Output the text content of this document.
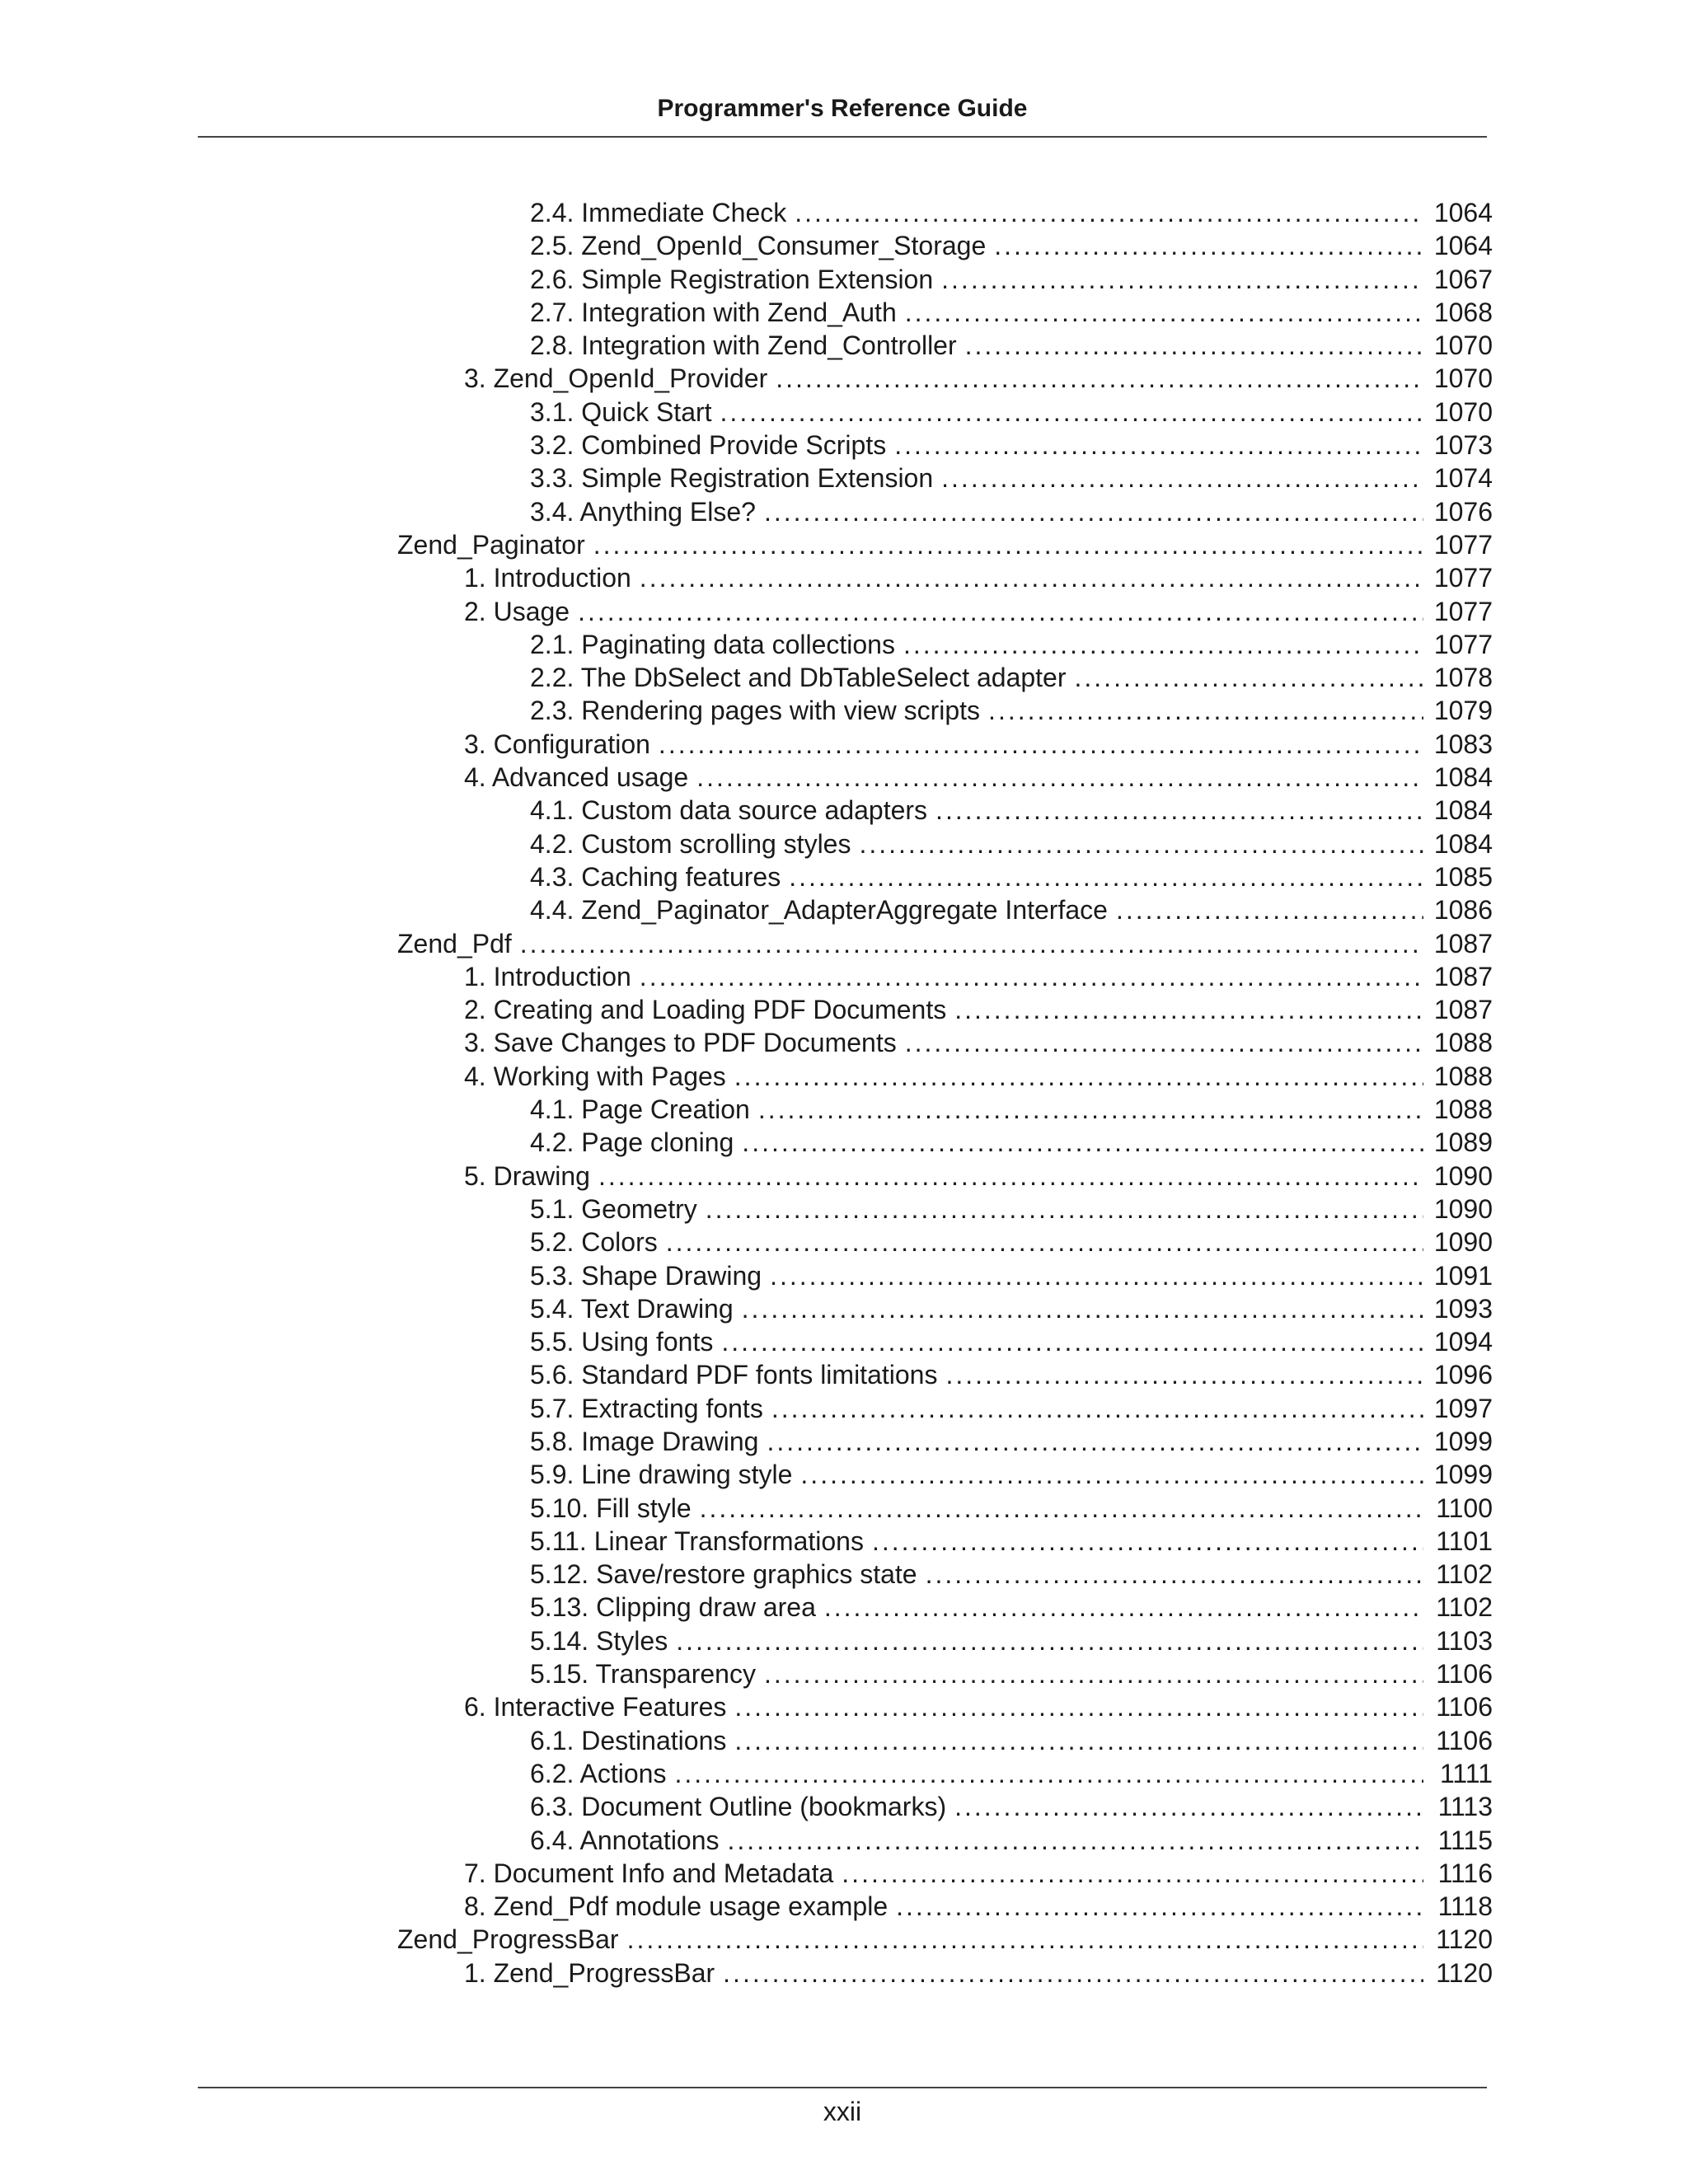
Programmer's Reference Guide
2.4. Immediate Check .....	1064
2.5. Zend_OpenId_Consumer_Storage .....	1064
2.6. Simple Registration Extension .....	1067
2.7. Integration with Zend_Auth .....	1068
2.8. Integration with Zend_Controller .....	1070
3. Zend_OpenId_Provider .....	1070
3.1. Quick Start .....	1070
3.2. Combined Provide Scripts .....	1073
3.3. Simple Registration Extension .....	1074
3.4. Anything Else? .....	1076
Zend_Paginator .....	1077
1. Introduction .....	1077
2. Usage .....	1077
2.1. Paginating data collections .....	1077
2.2. The DbSelect and DbTableSelect adapter .....	1078
2.3. Rendering pages with view scripts .....	1079
3. Configuration .....	1083
4. Advanced usage .....	1084
4.1. Custom data source adapters .....	1084
4.2. Custom scrolling styles .....	1084
4.3. Caching features .....	1085
4.4. Zend_Paginator_AdapterAggregate Interface .....	1086
Zend_Pdf .....	1087
1. Introduction .....	1087
2. Creating and Loading PDF Documents .....	1087
3. Save Changes to PDF Documents .....	1088
4. Working with Pages .....	1088
4.1. Page Creation .....	1088
4.2. Page cloning .....	1089
5. Drawing .....	1090
5.1. Geometry .....	1090
5.2. Colors .....	1090
5.3. Shape Drawing .....	1091
5.4. Text Drawing .....	1093
5.5. Using fonts .....	1094
5.6. Standard PDF fonts limitations .....	1096
5.7. Extracting fonts .....	1097
5.8. Image Drawing .....	1099
5.9. Line drawing style .....	1099
5.10. Fill style .....	1100
5.11. Linear Transformations .....	1101
5.12. Save/restore graphics state .....	1102
5.13. Clipping draw area .....	1102
5.14. Styles .....	1103
5.15. Transparency .....	1106
6. Interactive Features .....	1106
6.1. Destinations .....	1106
6.2. Actions .....	1111
6.3. Document Outline (bookmarks) .....	1113
6.4. Annotations .....	1115
7. Document Info and Metadata .....	1116
8. Zend_Pdf module usage example .....	1118
Zend_ProgressBar .....	1120
1. Zend_ProgressBar .....	1120
xxii
